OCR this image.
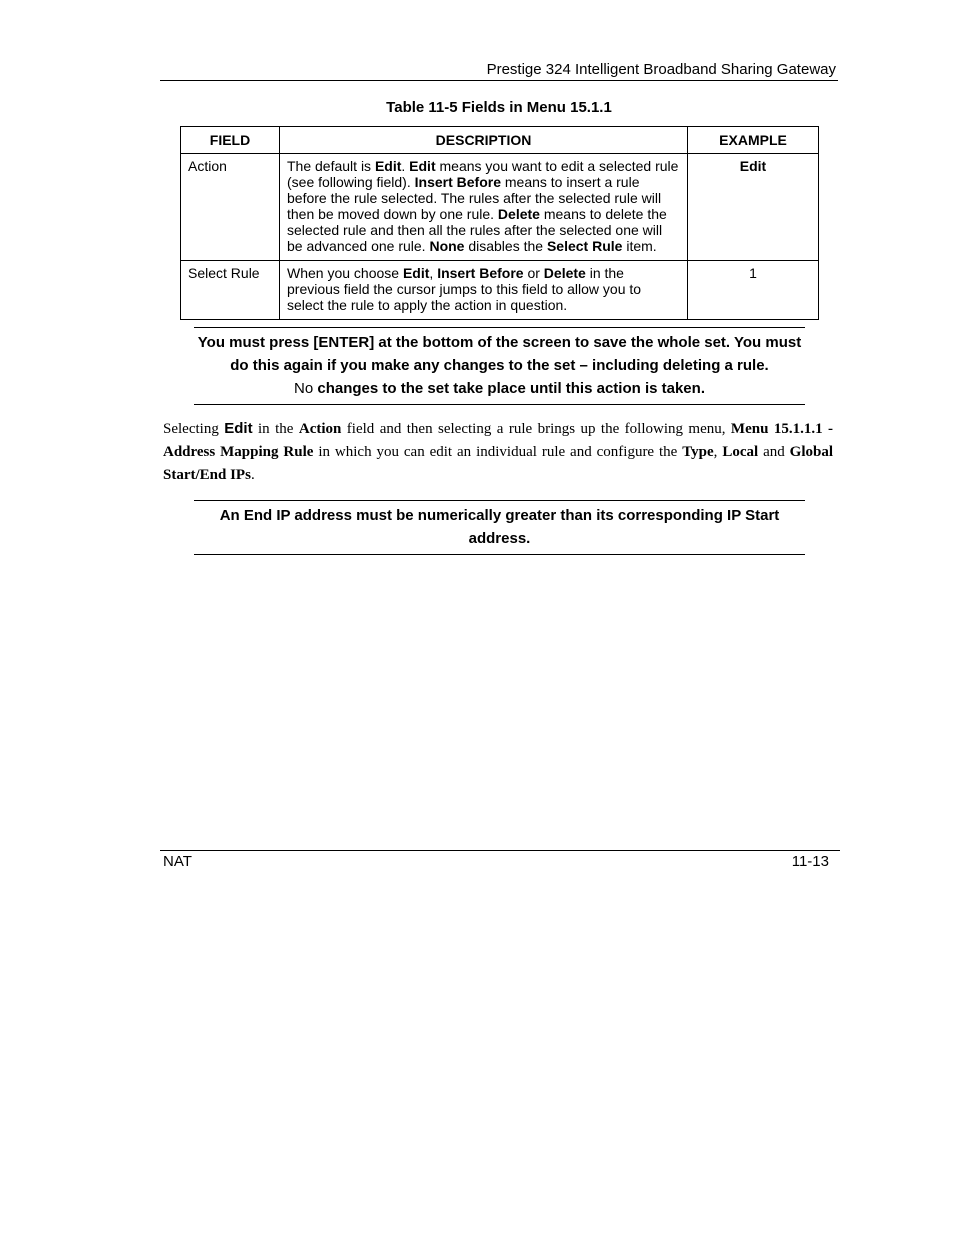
Prestige 324 Intelligent Broadband Sharing Gateway
Table 11-5 Fields in Menu 15.1.1
FIELD	DESCRIPTION	EXAMPLE
Action	The default is Edit. Edit means you want to edit a selected rule (see following field). Insert Before means to insert a rule before the rule selected. The rules after the selected rule will then be moved down by one rule. Delete means to delete the selected rule and then all the rules after the selected one will be advanced one rule. None disables the Select Rule item.	Edit
Select Rule	When you choose Edit, Insert Before or Delete in the previous field the cursor jumps to this field to allow you to select the rule to apply the action in question.	1
You must press [ENTER] at the bottom of the screen to save the whole set. You must do this again if you make any changes to the set – including deleting a rule.
No changes to the set take place until this action is taken.
Selecting Edit in the Action field and then selecting a rule brings up the following menu, Menu 15.1.1.1 - Address Mapping Rule in which you can edit an individual rule and configure the Type, Local and Global Start/End IPs.
An End IP address must be numerically greater than its corresponding IP Start address.
NAT	11-13
